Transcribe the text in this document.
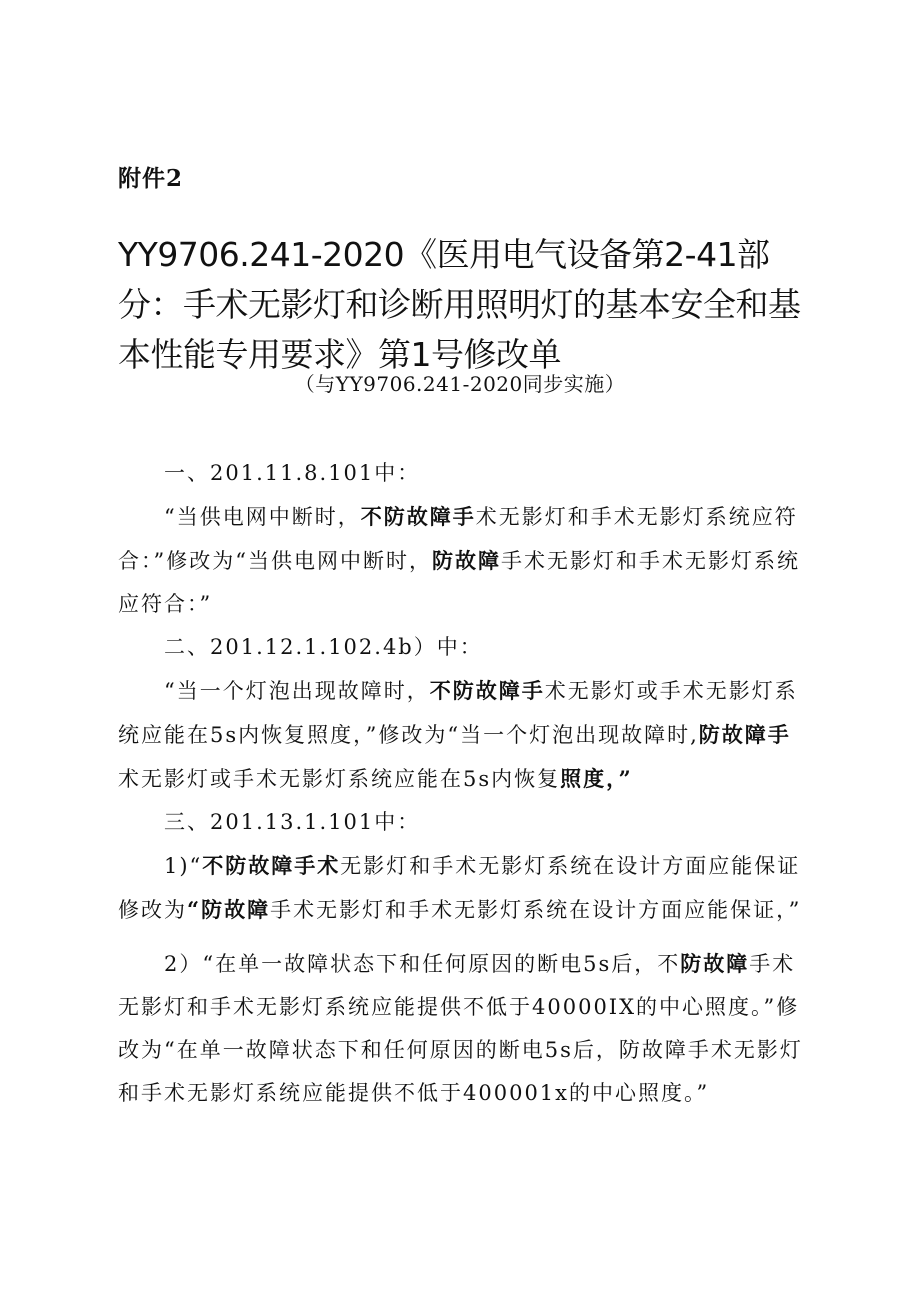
附件2
YY9706.241-2020《医用电气设备第2-41部分：手术无影灯和诊断用照明灯的基本安全和基本性能专用要求》第1号修改单
（与YY9706.241-2020同步实施）

一、201.11.8.101中：

“当供电网中断时，不防故障手术无影灯和手术无影灯系统应符合：”修改为“当供电网中断时，防故障手术无影灯和手术无影灯系统应符合：”

二、201.12.1.102.4b）中：

“当一个灯泡出现故障时，不防故障手术无影灯或手术无影灯系统应能在5s内恢复照度，”修改为“当一个灯泡出现故障时,防故障手术无影灯或手术无影灯系统应能在5s内恢复照度，”

三、201.13.1.101中：

1)“不防故障手术无影灯和手术无影灯系统在设计方面应能保证修改为“防故障手术无影灯和手术无影灯系统在设计方面应能保证，”

2）“在单一故障状态下和任何原因的断电5s后，不防故障手术无影灯和手术无影灯系统应能提供不低于40000IX的中心照度。”修改为“在单一故障状态下和任何原因的断电5s后，防故障手术无影灯和手术无影灯系统应能提供不低于400001x的中心照度。”
